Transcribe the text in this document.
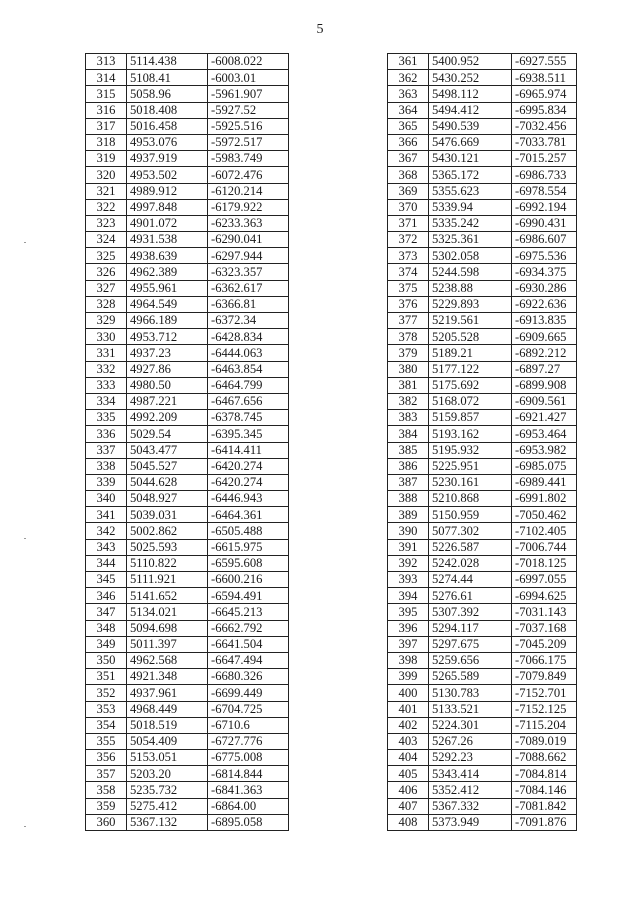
5
313	5114.438	-6008.022
314	5108.41	-6003.01
315	5058.96	-5961.907
316	5018.408	-5927.52
317	5016.458	-5925.516
318	4953.076	-5972.517
319	4937.919	-5983.749
320	4953.502	-6072.476
321	4989.912	-6120.214
322	4997.848	-6179.922
323	4901.072	-6233.363
324	4931.538	-6290.041
325	4938.639	-6297.944
326	4962.389	-6323.357
327	4955.961	-6362.617
328	4964.549	-6366.81
329	4966.189	-6372.34
330	4953.712	-6428.834
331	4937.23	-6444.063
332	4927.86	-6463.854
333	4980.50	-6464.799
334	4987.221	-6467.656
335	4992.209	-6378.745
336	5029.54	-6395.345
337	5043.477	-6414.411
338	5045.527	-6420.274
339	5044.628	-6420.274
340	5048.927	-6446.943
341	5039.031	-6464.361
342	5002.862	-6505.488
343	5025.593	-6615.975
344	5110.822	-6595.608
345	5111.921	-6600.216
346	5141.652	-6594.491
347	5134.021	-6645.213
348	5094.698	-6662.792
349	5011.397	-6641.504
350	4962.568	-6647.494
351	4921.348	-6680.326
352	4937.961	-6699.449
353	4968.449	-6704.725
354	5018.519	-6710.6
355	5054.409	-6727.776
356	5153.051	-6775.008
357	5203.20	-6814.844
358	5235.732	-6841.363
359	5275.412	-6864.00
360	5367.132	-6895.058
361	5400.952	-6927.555
362	5430.252	-6938.511
363	5498.112	-6965.974
364	5494.412	-6995.834
365	5490.539	-7032.456
366	5476.669	-7033.781
367	5430.121	-7015.257
368	5365.172	-6986.733
369	5355.623	-6978.554
370	5339.94	-6992.194
371	5335.242	-6990.431
372	5325.361	-6986.607
373	5302.058	-6975.536
374	5244.598	-6934.375
375	5238.88	-6930.286
376	5229.893	-6922.636
377	5219.561	-6913.835
378	5205.528	-6909.665
379	5189.21	-6892.212
380	5177.122	-6897.27
381	5175.692	-6899.908
382	5168.072	-6909.561
383	5159.857	-6921.427
384	5193.162	-6953.464
385	5195.932	-6953.982
386	5225.951	-6985.075
387	5230.161	-6989.441
388	5210.868	-6991.802
389	5150.959	-7050.462
390	5077.302	-7102.405
391	5226.587	-7006.744
392	5242.028	-7018.125
393	5274.44	-6997.055
394	5276.61	-6994.625
395	5307.392	-7031.143
396	5294.117	-7037.168
397	5297.675	-7045.209
398	5259.656	-7066.175
399	5265.589	-7079.849
400	5130.783	-7152.701
401	5133.521	-7152.125
402	5224.301	-7115.204
403	5267.26	-7089.019
404	5292.23	-7088.662
405	5343.414	-7084.814
406	5352.412	-7084.146
407	5367.332	-7081.842
408	5373.949	-7091.876
